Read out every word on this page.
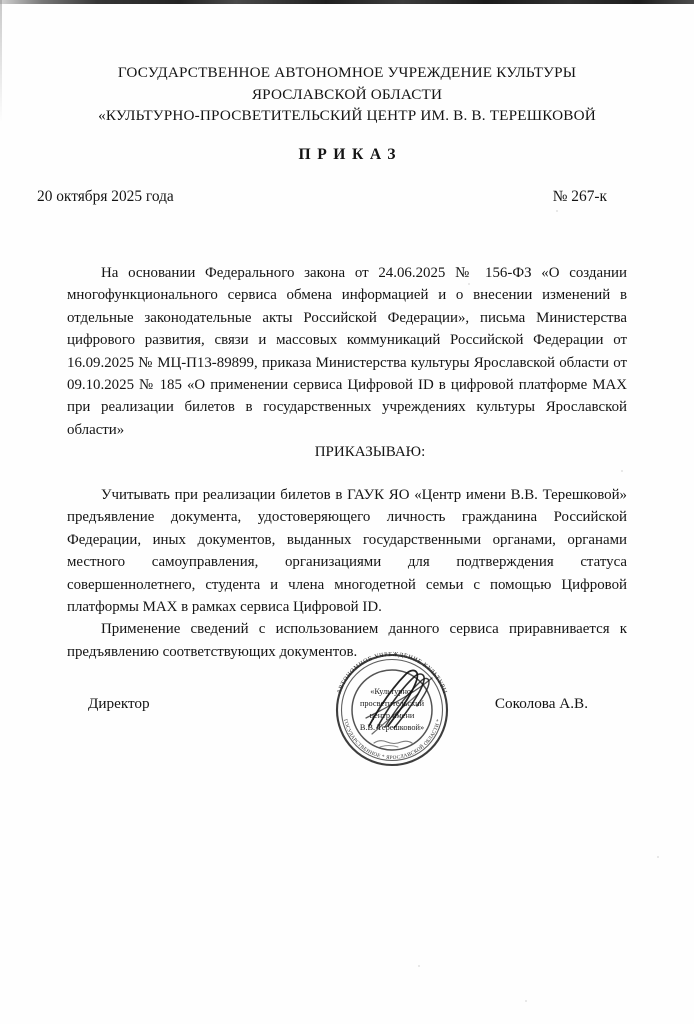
ГОСУДАРСТВЕННОЕ АВТОНОМНОЕ УЧРЕЖДЕНИЕ КУЛЬТУРЫ
ЯРОСЛАВСКОЙ ОБЛАСТИ
«КУЛЬТУРНО-ПРОСВЕТИТЕЛЬСКИЙ ЦЕНТР ИМ. В. В. ТЕРЕШКОВОЙ
ПРИКАЗ
20 октября 2025 года	№ 267-к

На основании Федерального закона от 24.06.2025 № 156-ФЗ «О создании многофункционального сервиса обмена информацией и о внесении изменений в отдельные законодательные акты Российской Федерации», письма Министерства цифрового развития, связи и массовых коммуникаций Российской Федерации от 16.09.2025 № МЦ-П13-89899, приказа Министерства культуры Ярославской области от 09.10.2025 № 185 «О применении сервиса Цифровой ID в цифровой платформе MAX при реализации билетов в государственных учреждениях культуры Ярославской области»

ПРИКАЗЫВАЮ:

Учитывать при реализации билетов в ГАУК ЯО «Центр имени В.В. Терешковой» предъявление документа, удостоверяющего личность гражданина Российской Федерации, иных документов, выданных государственными органами, органами местного самоуправления, организациями для подтверждения статуса совершеннолетнего, студента и члена многодетной семьи с помощью Цифровой платформы MAX в рамках сервиса Цифровой ID.

Применение сведений с использованием данного сервиса приравнивается к предъявлению соответствующих документов.

Директор	Соколова А.В.
АВТОНОМНОЕ УЧРЕЖДЕНИЕ КУЛЬТУРЫ
ГОСУДАРСТВЕННОЕ * ЯРОСЛАВСКОЙ ОБЛАСТИ *
«Культурно-
просветительский
центр имени
В.В. Терешковой»
